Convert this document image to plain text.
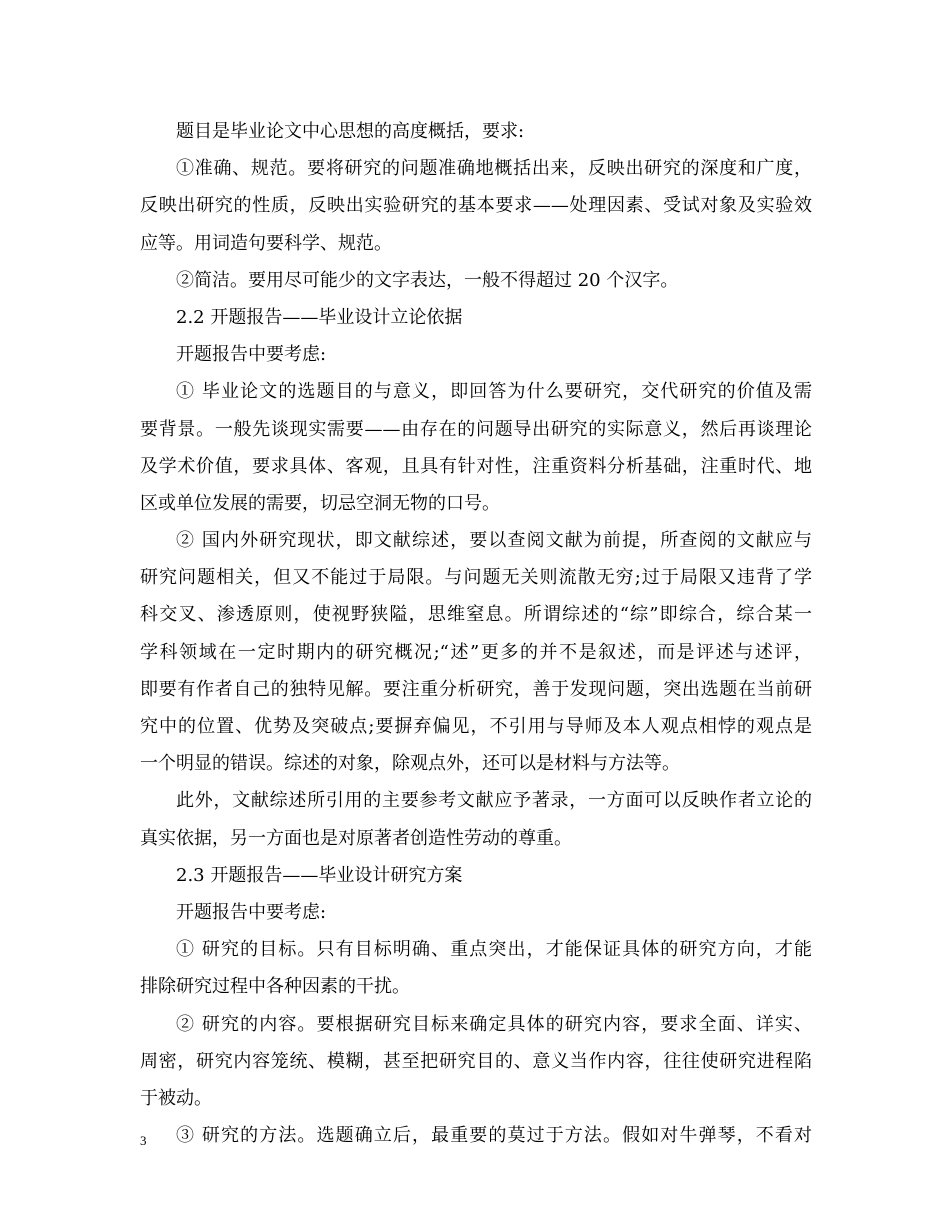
题目是毕业论文中心思想的高度概括，要求:
①准确、规范。要将研究的问题准确地概括出来，反映出研究的深度和广度，
反映出研究的性质，反映出实验研究的基本要求——处理因素、受试对象及实验效
应等。用词造句要科学、规范。
②简洁。要用尽可能少的文字表达，一般不得超过 20 个汉字。
2.2 开题报告——毕业设计立论依据
开题报告中要考虑:
① 毕业论文的选题目的与意义，即回答为什么要研究，交代研究的价值及需
要背景。一般先谈现实需要——由存在的问题导出研究的实际意义，然后再谈理论
及学术价值，要求具体、客观，且具有针对性，注重资料分析基础，注重时代、地
区或单位发展的需要，切忌空洞无物的口号。
② 国内外研究现状，即文献综述，要以查阅文献为前提，所查阅的文献应与
研究问题相关，但又不能过于局限。与问题无关则流散无穷;过于局限又违背了学
科交叉、渗透原则，使视野狭隘，思维窒息。所谓综述的“综”即综合，综合某一
学科领域在一定时期内的研究概况;“述”更多的并不是叙述，而是评述与述评，
即要有作者自己的独特见解。要注重分析研究，善于发现问题，突出选题在当前研
究中的位置、优势及突破点;要摒弃偏见，不引用与导师及本人观点相悖的观点是
一个明显的错误。综述的对象，除观点外，还可以是材料与方法等。
此外，文献综述所引用的主要参考文献应予著录，一方面可以反映作者立论的
真实依据，另一方面也是对原著者创造性劳动的尊重。
2.3 开题报告——毕业设计研究方案
开题报告中要考虑:
① 研究的目标。只有目标明确、重点突出，才能保证具体的研究方向，才能
排除研究过程中各种因素的干扰。
② 研究的内容。要根据研究目标来确定具体的研究内容，要求全面、详实、
周密，研究内容笼统、模糊，甚至把研究目的、意义当作内容，往往使研究进程陷
于被动。
③ 研究的方法。选题确立后，最重要的莫过于方法。假如对牛弹琴，不看对
3
